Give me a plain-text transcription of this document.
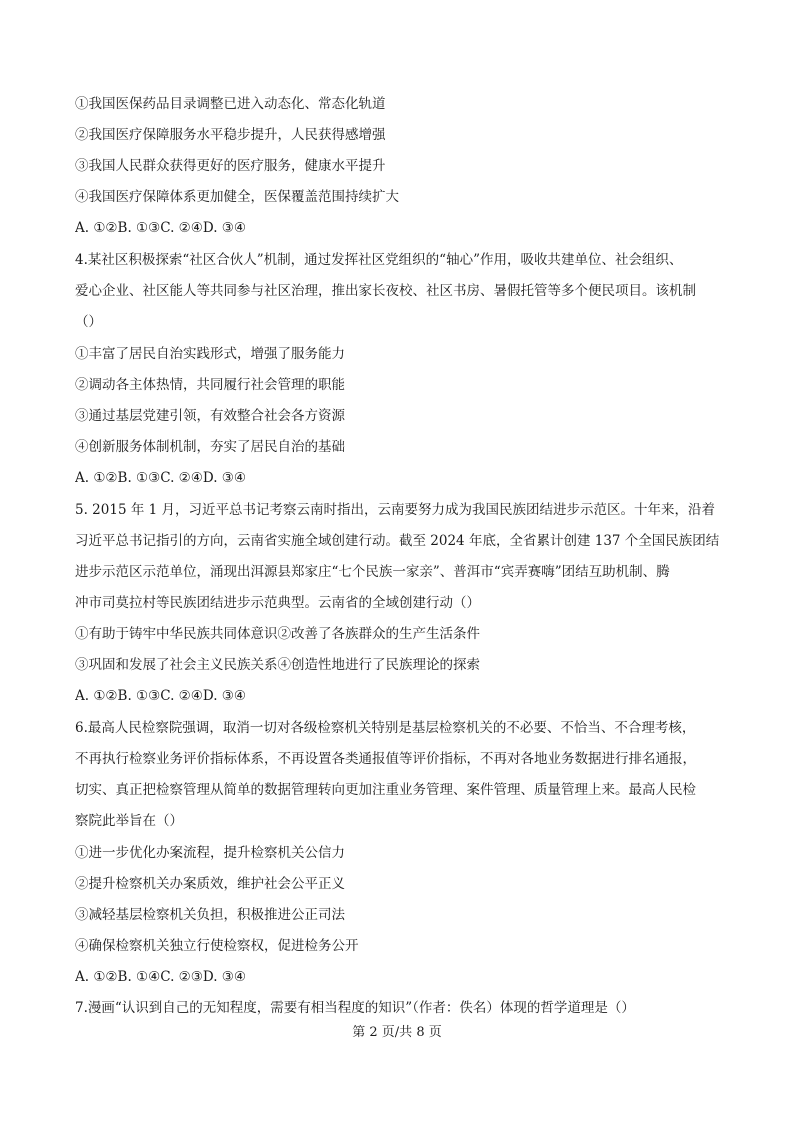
①我国医保药品目录调整已进入动态化、常态化轨道
②我国医疗保障服务水平稳步提升，人民获得感增强
③我国人民群众获得更好的医疗服务，健康水平提升
④我国医疗保障体系更加健全，医保覆盖范围持续扩大
A. ①②B. ①③C. ②④D. ③④
4.某社区积极探索“社区合伙人”机制，通过发挥社区党组织的“轴心”作用，吸收共建单位、社会组织、
爱心企业、社区能人等共同参与社区治理，推出家长夜校、社区书房、暑假托管等多个便民项目。该机制
（）
①丰富了居民自治实践形式，增强了服务能力
②调动各主体热情，共同履行社会管理的职能
③通过基层党建引领，有效整合社会各方资源
④创新服务体制机制，夯实了居民自治的基础
A. ①②B. ①③C. ②④D. ③④
5. 2015 年 1 月，习近平总书记考察云南时指出，云南要努力成为我国民族团结进步示范区。十年来，沿着
习近平总书记指引的方向，云南省实施全域创建行动。截至 2024 年底，全省累计创建 137 个全国民族团结
进步示范区示范单位，涌现出洱源县郑家庄“七个民族一家亲”、普洱市“宾弄赛嗨”团结互助机制、腾
冲市司莫拉村等民族团结进步示范典型。云南省的全域创建行动（）
①有助于铸牢中华民族共同体意识②改善了各族群众的生产生活条件
③巩固和发展了社会主义民族关系④创造性地进行了民族理论的探索
A. ①②B. ①③C. ②④D. ③④
6.最高人民检察院强调，取消一切对各级检察机关特别是基层检察机关的不必要、不恰当、不合理考核，
不再执行检察业务评价指标体系，不再设置各类通报值等评价指标，不再对各地业务数据进行排名通报，
切实、真正把检察管理从简单的数据管理转向更加注重业务管理、案件管理、质量管理上来。最高人民检
察院此举旨在（）
①进一步优化办案流程，提升检察机关公信力
②提升检察机关办案质效，维护社会公平正义
③减轻基层检察机关负担，积极推进公正司法
④确保检察机关独立行使检察权，促进检务公开
A. ①②B. ①④C. ②③D. ③④
7.漫画“认识到自己的无知程度，需要有相当程度的知识”（作者：佚名）体现的哲学道理是（）
第 2 页/共 8 页
